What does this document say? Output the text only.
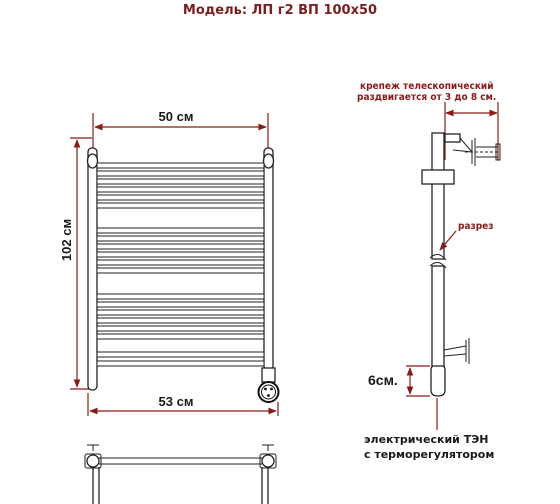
Модель: ЛП г2 ВП 100х50
50 см
102 см
53 см
крепеж телескопический
раздвигается от 3 до 8 см.
разрез
6см.
электрический ТЭН
с терморегулятором
